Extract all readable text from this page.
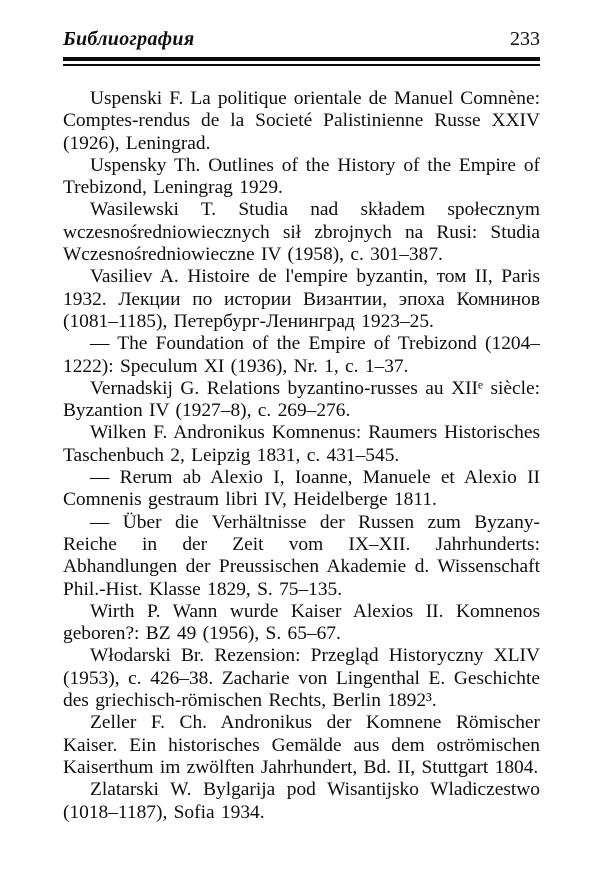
Библиография	233

Uspenski F. La politique orientale de Manuel Comnène: Comptes-rendus de la Societé Palistinienne Russe XXIV (1926), Leningrad.

Uspensky Th. Outlines of the History of the Empire of Trebizond, Leningrag 1929.

Wasilewski T. Studia nad składem społecznym wczesnośredniowiecznych sił zbrojnych na Rusi: Studia Wczesnośredniowieczne IV (1958), c. 301–387.

Vasiliev A. Histoire de l'empire byzantin, том II, Paris 1932. Лекции по истории Византии, эпоха Комнинов (1081–1185), Петербург-Ленинград 1923–25.

— The Foundation of the Empire of Trebizond (1204–1222): Speculum XI (1936), Nr. 1, c. 1–37.

Vernadskij G. Relations byzantino-russes au XIIᵉ siècle: Byzantion IV (1927–8), c. 269–276.

Wilken F. Andronikus Komnenus: Raumers Historisches Taschenbuch 2, Leipzig 1831, c. 431–545.

— Rerum ab Alexio I, Ioanne, Manuele et Alexio II Comnenis gestraum libri IV, Heidelberge 1811.

— Über die Verhältnisse der Russen zum Byzany-Reiche in der Zeit vom IX–XII. Jahrhunderts: Abhandlungen der Preussischen Akademie d. Wissenschaft Phil.-Hist. Klasse 1829, S. 75–135.

Wirth P. Wann wurde Kaiser Alexios II. Komnenos geboren?: BZ 49 (1956), S. 65–67.

Włodarski Br. Rezension: Przegląd Historyczny XLIV (1953), c. 426–38. Zacharie von Lingenthal E. Geschichte des griechisch-römischen Rechts, Berlin 1892³.

Zeller F. Ch. Andronikus der Komnene Römischer Kaiser. Ein historisches Gemälde aus dem oströmischen Kaiserthum im zwölften Jahrhundert, Bd. II, Stuttgart 1804.

Zlatarski W. Bylgarija pod Wisantijsko Wladiczestwo (1018–1187), Sofia 1934.
